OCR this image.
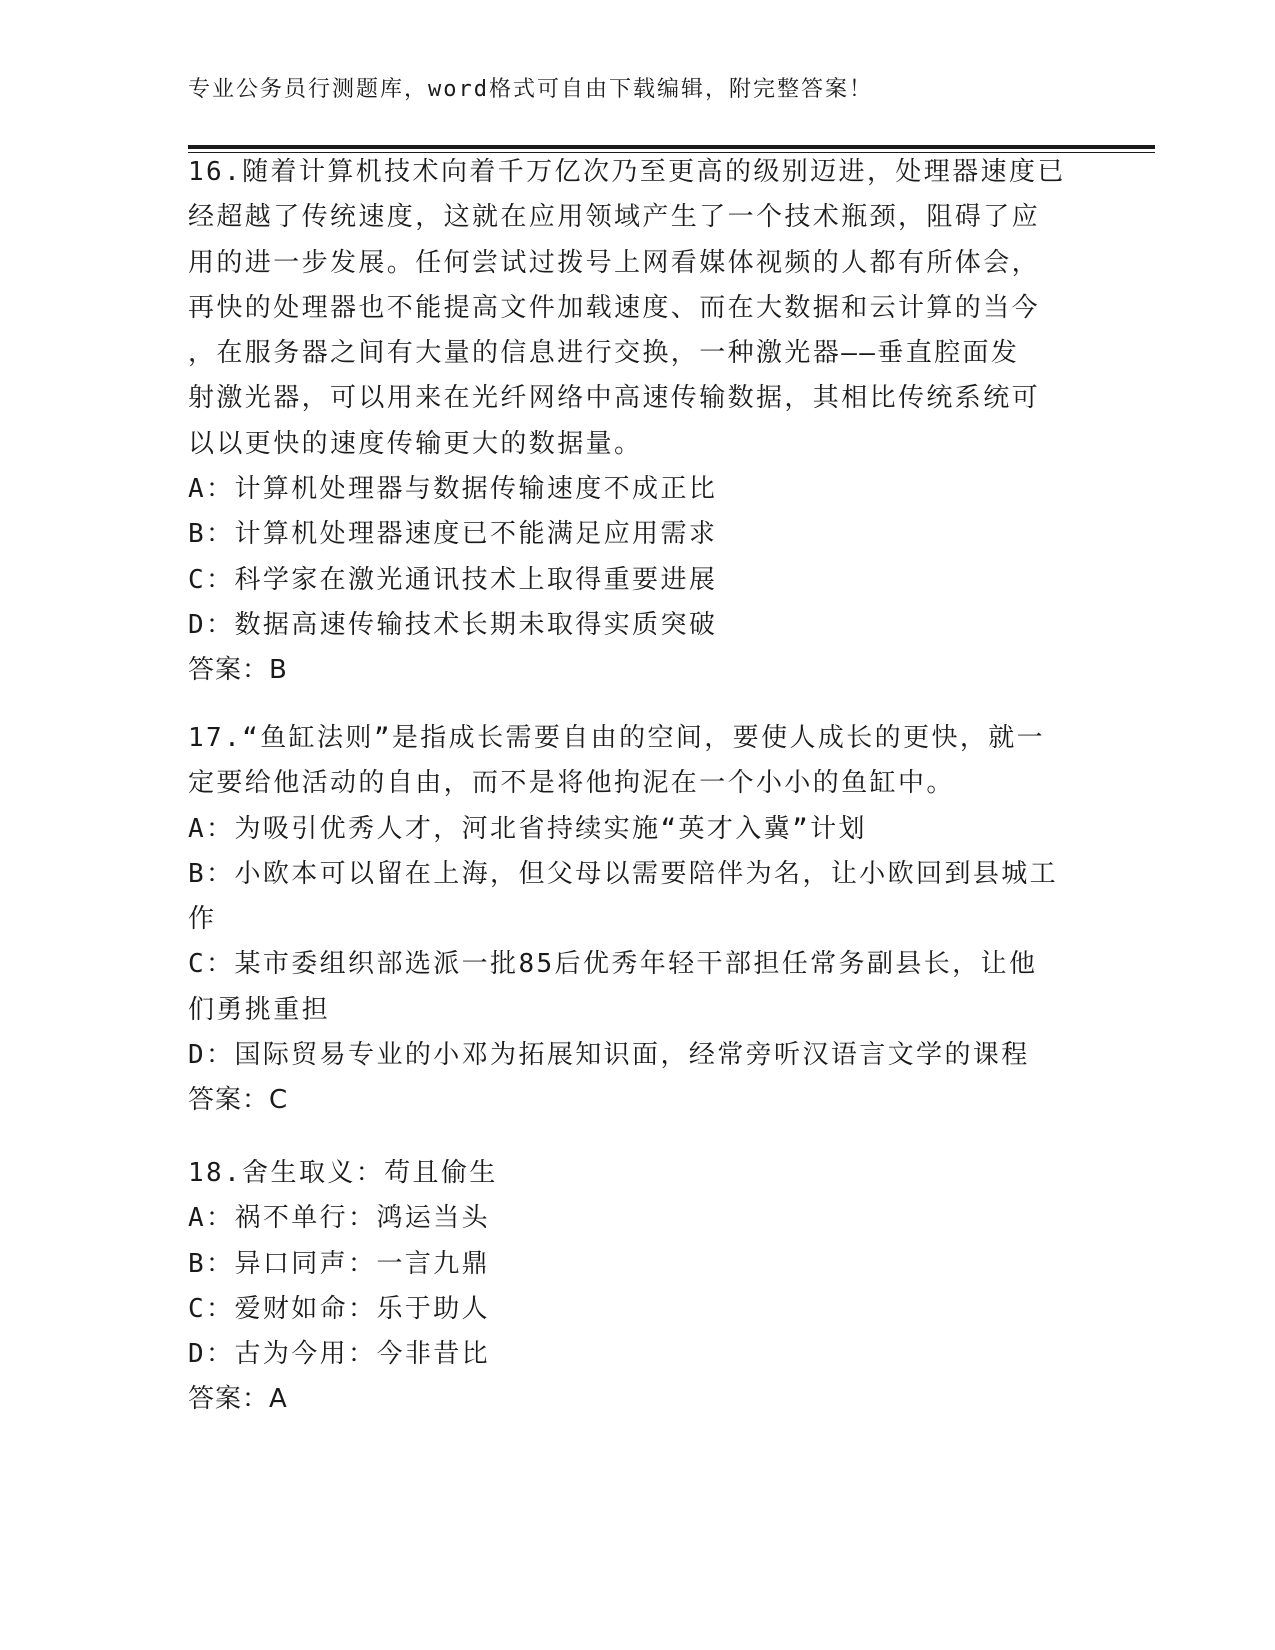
专业公务员行测题库，word格式可自由下载编辑，附完整答案！

16.随着计算机技术向着千万亿次乃至更高的级别迈进，处理器速度已

经超越了传统速度，这就在应用领域产生了一个技术瓶颈，阻碍了应

用的进一步发展。任何尝试过拨号上网看媒体视频的人都有所体会，

再快的处理器也不能提高文件加载速度、而在大数据和云计算的当今

，在服务器之间有大量的信息进行交换，一种激光器——垂直腔面发

射激光器，可以用来在光纤网络中高速传输数据，其相比传统系统可

以以更快的速度传输更大的数据量。

A：计算机处理器与数据传输速度不成正比

B：计算机处理器速度已不能满足应用需求

C：科学家在激光通讯技术上取得重要进展

D：数据高速传输技术长期未取得实质突破

答案：B

17.“鱼缸法则”是指成长需要自由的空间，要使人成长的更快，就一

定要给他活动的自由，而不是将他拘泥在一个小小的鱼缸中。

A：为吸引优秀人才，河北省持续实施“英才入冀”计划

B：小欧本可以留在上海，但父母以需要陪伴为名，让小欧回到县城工

作

C：某市委组织部选派一批85后优秀年轻干部担任常务副县长，让他

们勇挑重担

D：国际贸易专业的小邓为拓展知识面，经常旁听汉语言文学的课程

答案：C

18.舍生取义：苟且偷生

A：祸不单行：鸿运当头

B：异口同声：一言九鼎

C：爱财如命：乐于助人

D：古为今用：今非昔比

答案：A
